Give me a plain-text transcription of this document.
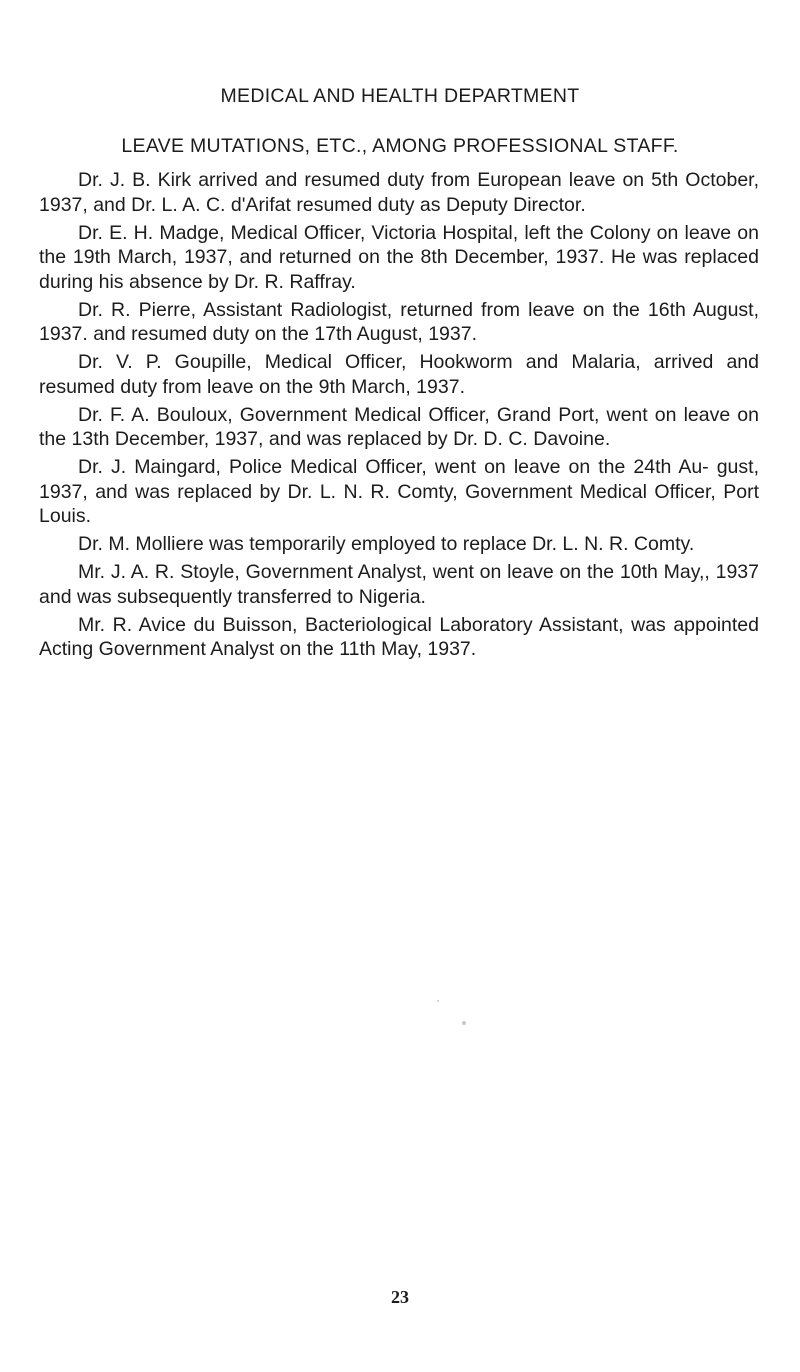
MEDICAL AND HEALTH DEPARTMENT
LEAVE MUTATIONS, ETC., AMONG PROFESSIONAL STAFF.

Dr. J. B. Kirk arrived and resumed duty from European leave on 5th October, 1937, and Dr. L. A. C. d'Arifat resumed duty as Deputy Director.

Dr. E. H. Madge, Medical Officer, Victoria Hospital, left the Colony on leave on the 19th March, 1937, and returned on the 8th December, 1937. He was replaced during his absence by Dr. R. Raffray.

Dr. R. Pierre, Assistant Radiologist, returned from leave on the 16th August, 1937. and resumed duty on the 17th August, 1937.

Dr. V. P. Goupille, Medical Officer, Hookworm and Malaria, arrived and resumed duty from leave on the 9th March, 1937.

Dr. F. A. Bouloux, Government Medical Officer, Grand Port, went on leave on the 13th December, 1937, and was replaced by Dr. D. C. Davoine.

Dr. J. Maingard, Police Medical Officer, went on leave on the 24th Au- gust, 1937, and was replaced by Dr. L. N. R. Comty, Government Medical Officer, Port Louis.

Dr. M. Molliere was temporarily employed to replace Dr. L. N. R. Comty.

Mr. J. A. R. Stoyle, Government Analyst, went on leave on the 10th May,, 1937 and was subsequently transferred to Nigeria.

Mr. R. Avice du Buisson, Bacteriological Laboratory Assistant, was appointed Acting Government Analyst on the 11th May, 1937.

23
